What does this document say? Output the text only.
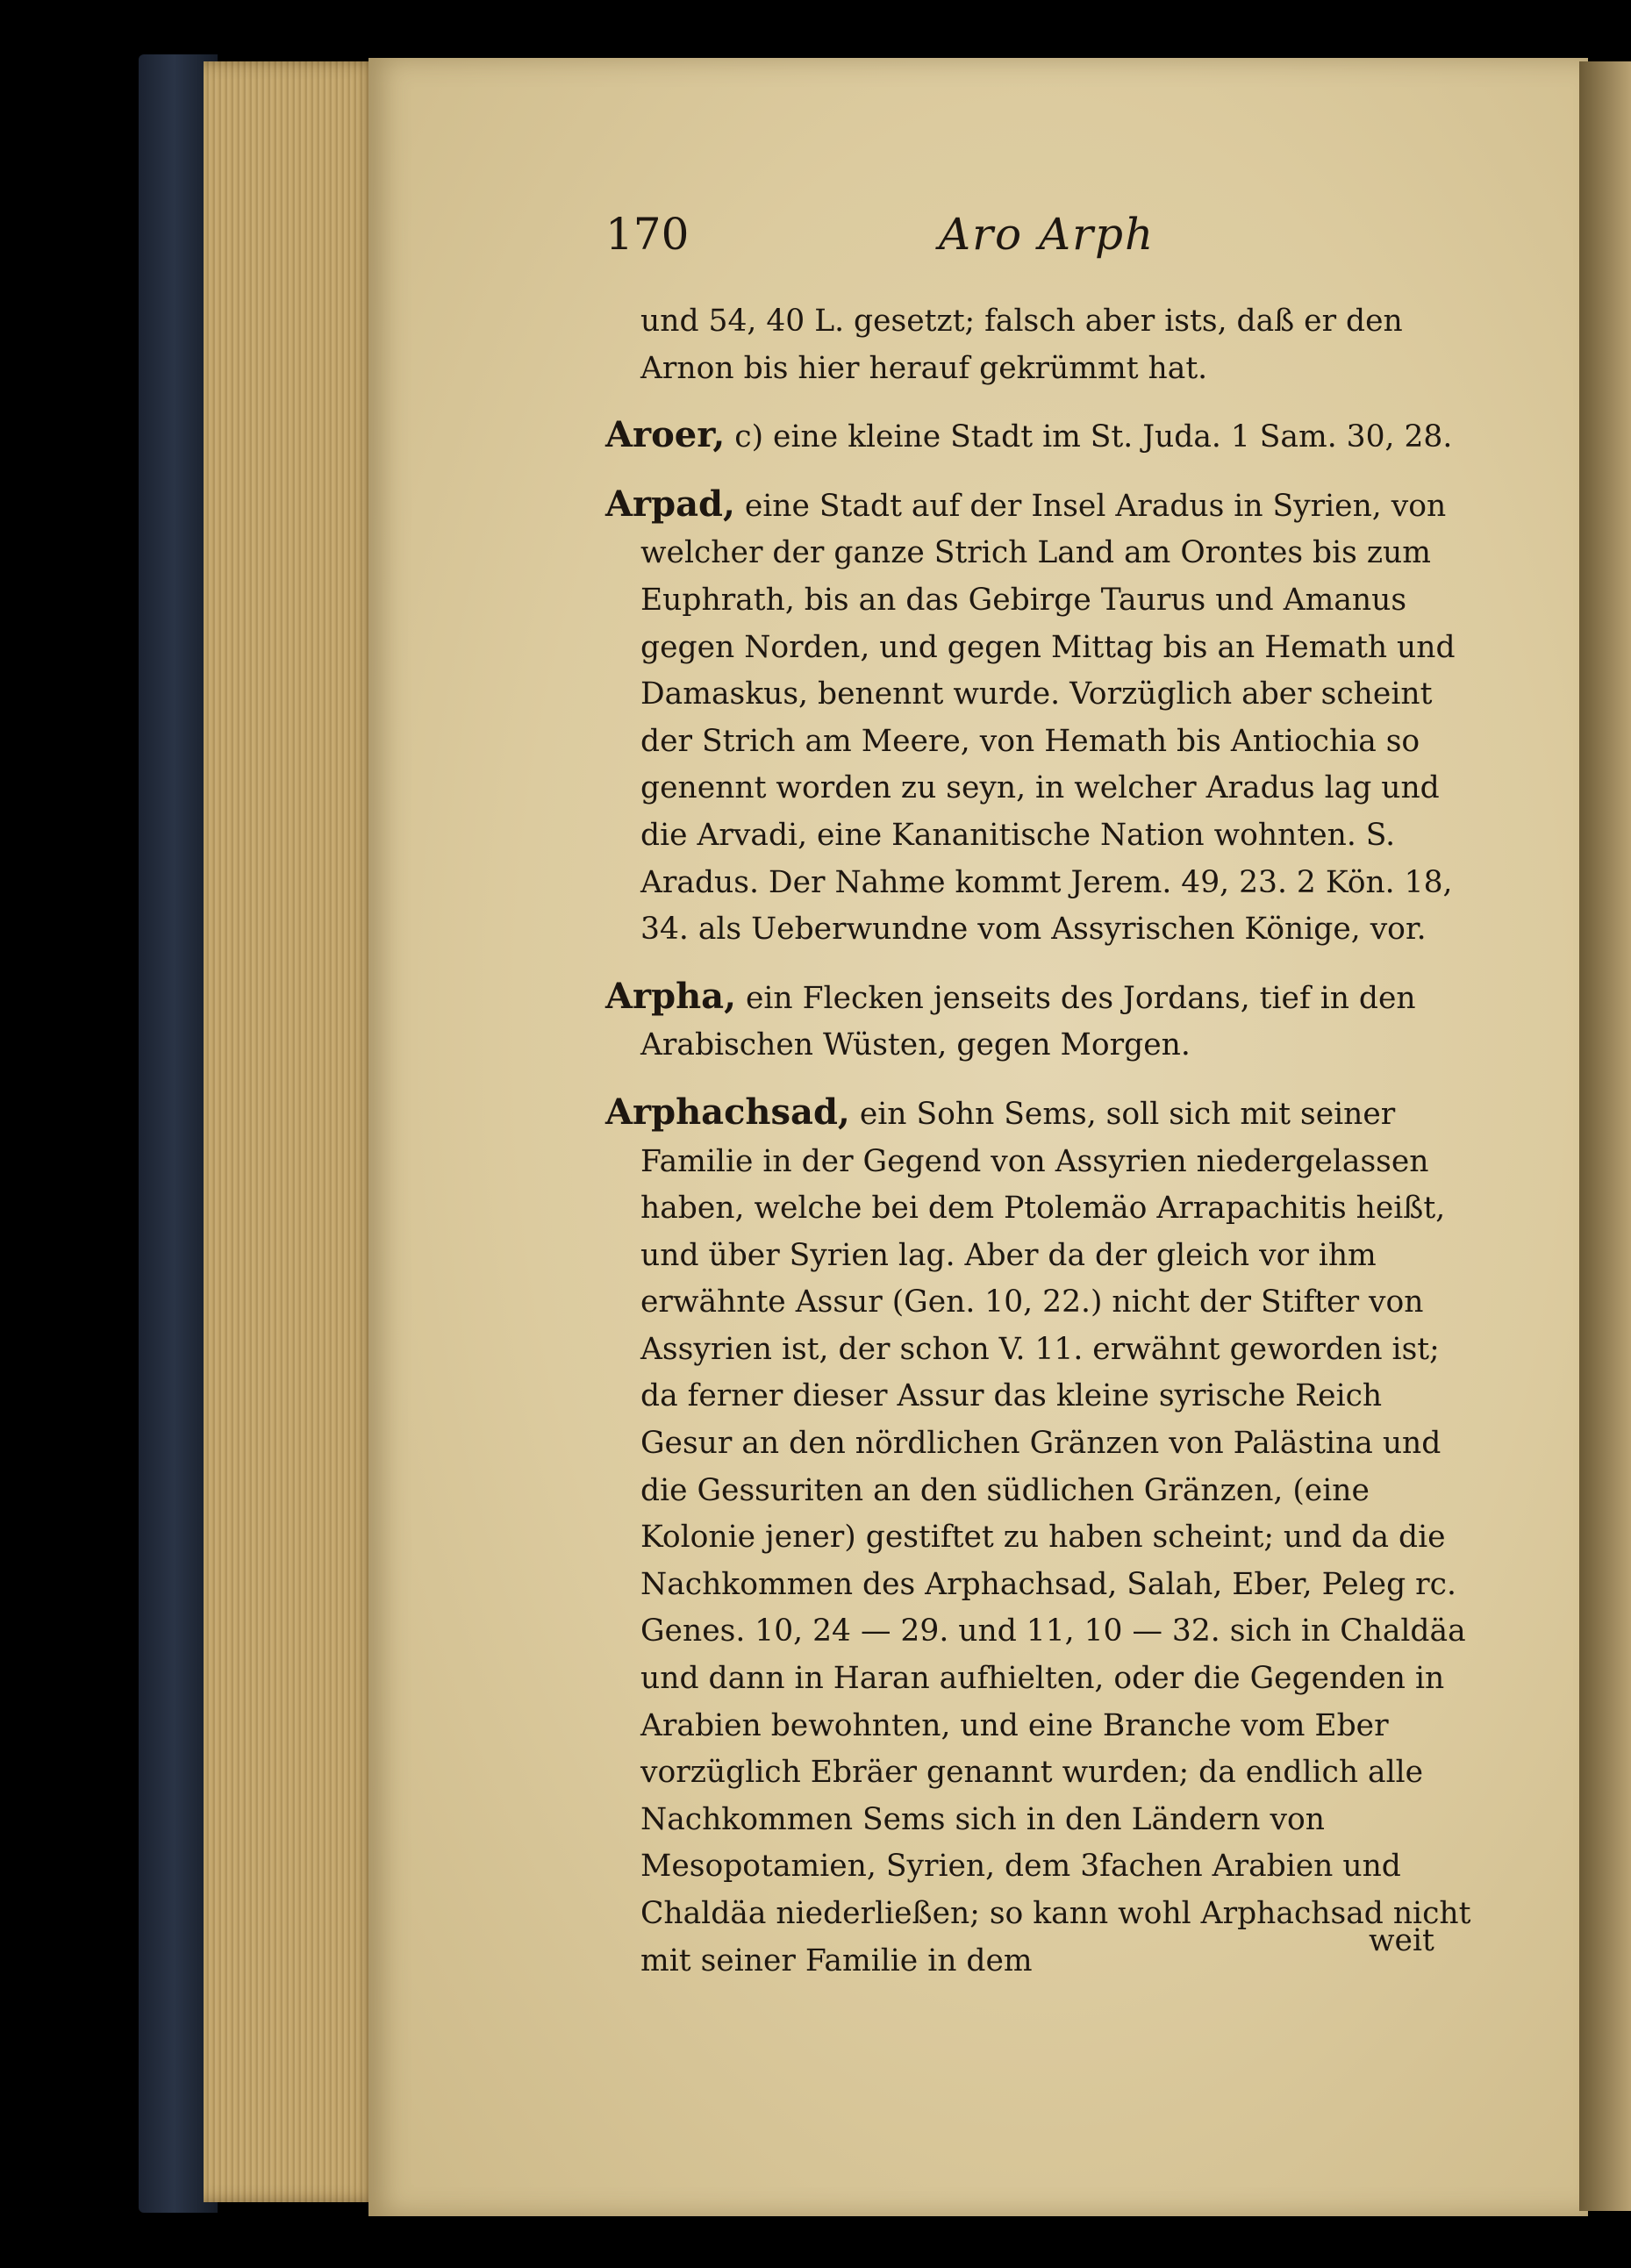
170	Aro Arph

und 54, 40 L. gesetzt; falsch aber ists, daß er den Arnon bis hier herauf gekrümmt hat.

Aroer, c) eine kleine Stadt im St. Juda. 1 Sam. 30, 28.

Arpad, eine Stadt auf der Insel Aradus in Syrien, von welcher der ganze Strich Land am Orontes bis zum Euphrath, bis an das Gebirge Taurus und Amanus gegen Norden, und gegen Mittag bis an Hemath und Damaskus, benennt wurde. Vorzüglich aber scheint der Strich am Meere, von Hemath bis Antiochia so genennt worden zu seyn, in welcher Aradus lag und die Arvadi, eine Kananitische Nation wohnten. S. Aradus. Der Nahme kommt Jerem. 49, 23. 2 Kön. 18, 34. als Ueberwundne vom Assyrischen Könige, vor.

Arpha, ein Flecken jenseits des Jordans, tief in den Arabischen Wüsten, gegen Morgen.

Arphachsad, ein Sohn Sems, soll sich mit seiner Familie in der Gegend von Assyrien niedergelassen haben, welche bei dem Ptolemäo Arrapachitis heißt, und über Syrien lag. Aber da der gleich vor ihm erwähnte Assur (Gen. 10, 22.) nicht der Stifter von Assyrien ist, der schon V. 11. erwähnt geworden ist; da ferner dieser Assur das kleine syrische Reich Gesur an den nördlichen Gränzen von Palästina und die Gessuriten an den südlichen Gränzen, (eine Kolonie jener) gestiftet zu haben scheint; und da die Nachkommen des Arphachsad, Salah, Eber, Peleg rc. Genes. 10, 24 — 29. und 11, 10 — 32. sich in Chaldäa und dann in Haran aufhielten, oder die Gegenden in Arabien bewohnten, und eine Branche vom Eber vorzüglich Ebräer genannt wurden; da endlich alle Nachkommen Sems sich in den Ländern von Mesopotamien, Syrien, dem 3fachen Arabien und Chaldäa niederließen; so kann wohl Arphachsad nicht mit seiner Familie in dem

weit
